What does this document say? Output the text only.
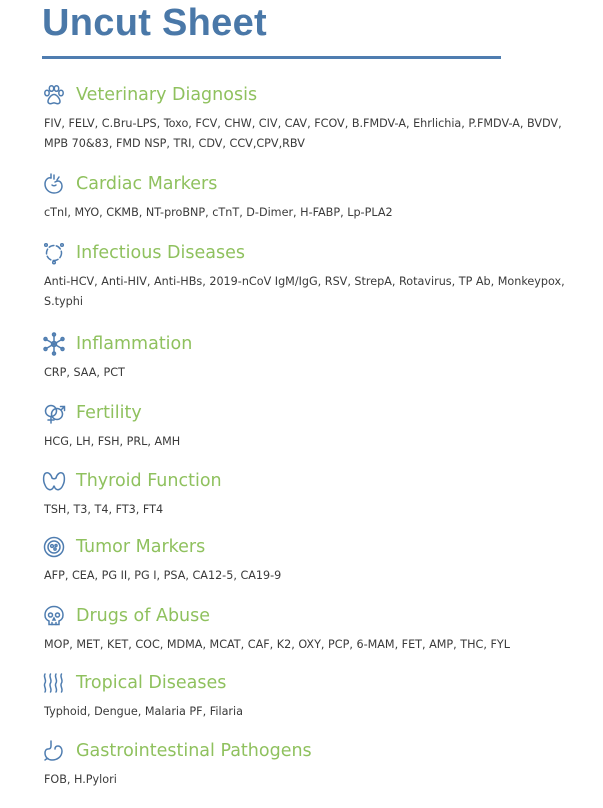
Uncut Sheet
Veterinary Diagnosis
FIV, FELV, C.Bru-LPS, Toxo, FCV, CHW, CIV, CAV, FCOV, B.FMDV-A, Ehrlichia, P.FMDV-A, BVDV, MPB 70&83, FMD NSP, TRI, CDV, CCV,CPV,RBV
Cardiac Markers
cTnI, MYO, CKMB, NT-proBNP, cTnT, D-Dimer, H-FABP, Lp-PLA2
Infectious Diseases
Anti-HCV, Anti-HIV, Anti-HBs, 2019-nCoV IgM/IgG, RSV, StrepA, Rotavirus, TP Ab, Monkeypox, S.typhi
Inflammation
CRP, SAA, PCT
Fertility
HCG, LH, FSH, PRL, AMH
Thyroid Function
TSH, T3, T4, FT3, FT4
Tumor Markers
AFP, CEA, PG II, PG I, PSA, CA12-5, CA19-9
Drugs of Abuse
MOP, MET, KET, COC, MDMA, MCAT, CAF, K2, OXY, PCP, 6-MAM, FET, AMP, THC, FYL
Tropical Diseases
Typhoid, Dengue, Malaria PF, Filaria
Gastrointestinal Pathogens
FOB, H.Pylori
